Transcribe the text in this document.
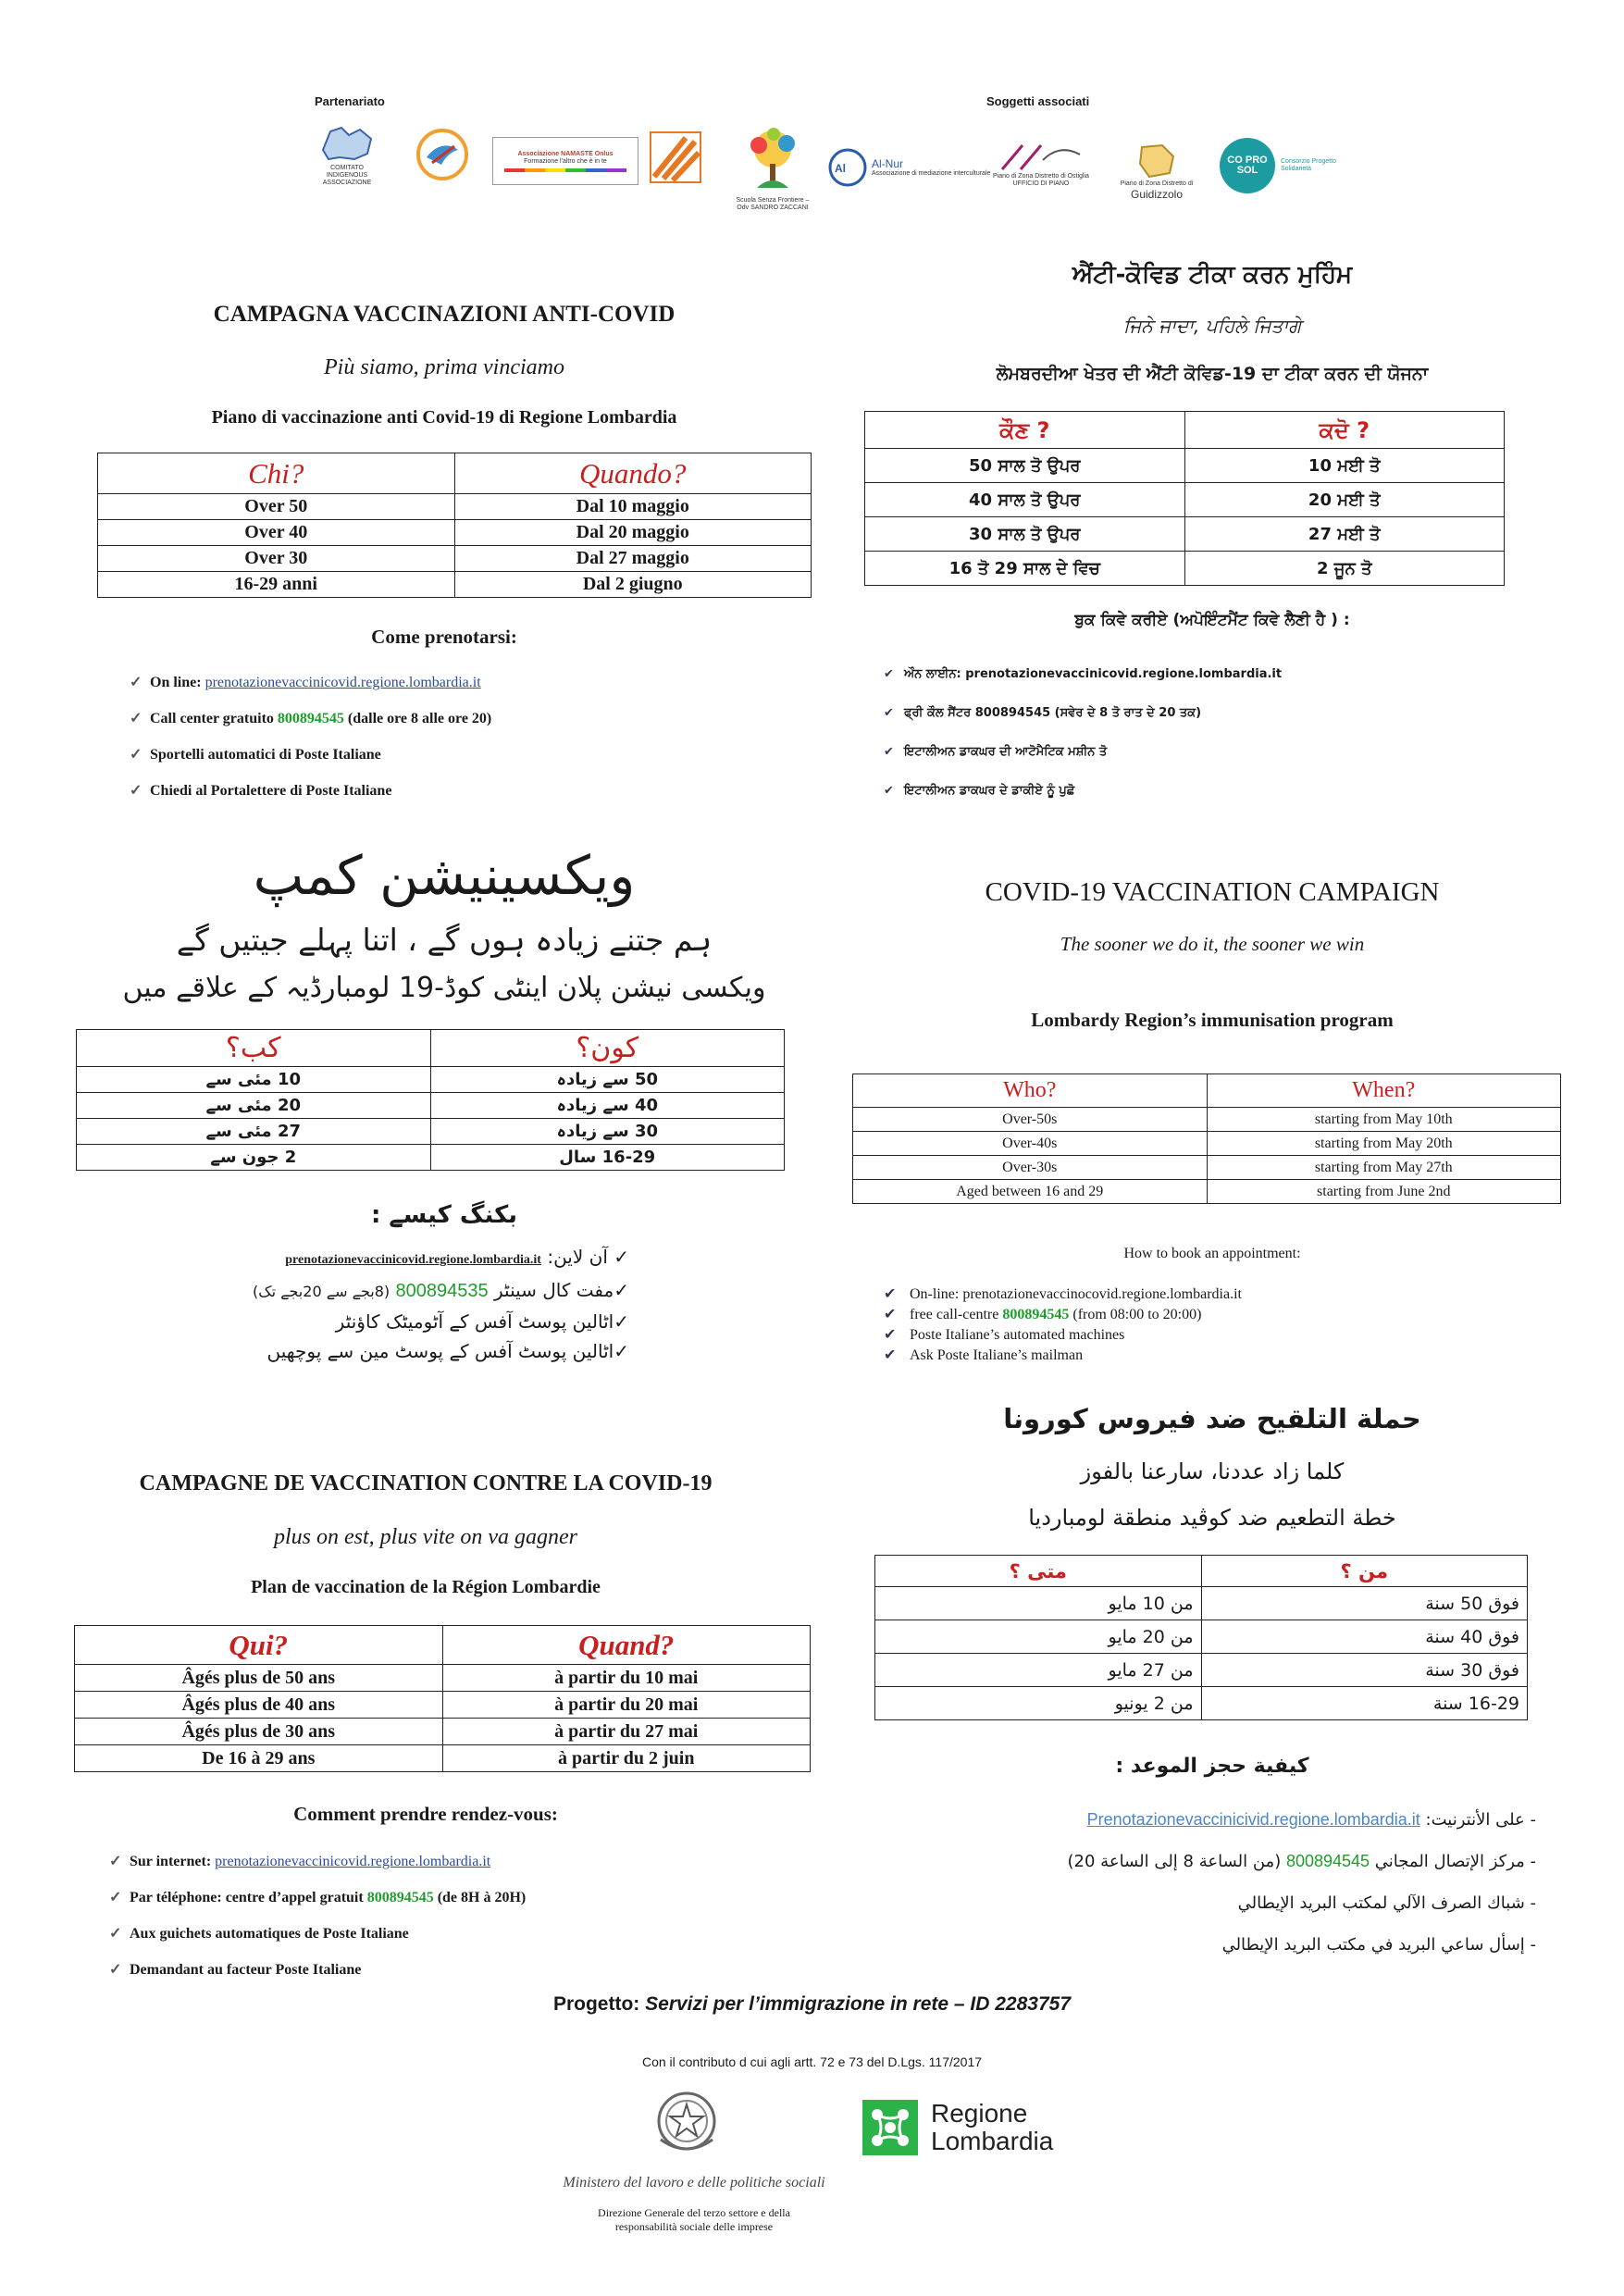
Partenariato	Soggetti associati
COMITATO INDIGENOUS ASSOCIAZIONE
Associazione NAMASTE Onlus
Formazione l'altro che è in te
Scuola Senza Frontiere – Odv SANDRO ZACCANI
Al Al-Nur
Associazione di mediazione interculturale Piano di Zona Distretto di Ostiglia UFFICIO DI PIANO	Piano di Zona Distretto di
Guidizzolo
CO PRO SOL
Consorzio Progetto Solidarietà
CAMPAGNA VACCINAZIONI ANTI-COVID
Più siamo, prima vinciamo
Piano di vaccinazione anti Covid-19 di Regione Lombardia
Chi?	Quando?
Over 50	Dal 10 maggio
Over 40	Dal 20 maggio
Over 30	Dal 27 maggio
16-29 anni	Dal 2 giugno
Come prenotarsi:
✓ On line: prenotazionevaccinicovid.regione.lombardia.it
✓ Call center gratuito 800894545 (dalle ore 8 alle ore 20)
✓ Sportelli automatici di Poste Italiane
✓ Chiedi al Portalettere di Poste Italiane
ਐਂਟੀ-ਕੋਵਿਡ ਟੀਕਾ ਕਰਨ ਮੁਹਿੰਮ
ਜਿਨੇ ਜਾਦਾ, ਪਹਿਲੇ ਜਿਤਾਗੇ
ਲੋਮਬਰਦੀਆ ਖੇਤਰ ਦੀ ਐਂਟੀ ਕੋਵਿਡ-19 ਦਾ ਟੀਕਾ ਕਰਨ ਦੀ ਯੋਜਨਾ
ਕੌਣ ?	ਕਦੋ ?
50 ਸਾਲ ਤੋ ਉਪਰ	10 ਮਈ ਤੋ
40 ਸਾਲ ਤੋ ਉਪਰ	20 ਮਈ ਤੋ
30 ਸਾਲ ਤੋ ਉਪਰ	27 ਮਈ ਤੋ
16 ਤੋ 29 ਸਾਲ ਦੇ ਵਿਚ	2 ਜੂਨ ਤੋ
ਬੁਕ ਕਿਵੇ ਕਰੀਏ (ਅਪੋਇੰਟਮੈਂਟ ਕਿਵੇ ਲੈਣੀ ਹੈ ) :
✔ ਔਨ ਲਾਈਨ: prenotazionevaccinicovid.regione.lombardia.it
✔ ਫ੍ਰੀ ਕੌਲ ਸੈਂਟਰ 800894545 (ਸਵੇਰ ਦੇ 8 ਤੋ ਰਾਤ ਦੇ 20 ਤਕ)
✔ ਇਟਾਲੀਅਨ ਡਾਕਘਰ ਦੀ ਆਟੋਮੈਟਿਕ ਮਸ਼ੀਨ ਤੋ
✔ ਇਟਾਲੀਅਨ ਡਾਕਘਰ ਦੇ ਡਾਕੀਏ ਨੂੰ ਪੁਛੋ
ویکسینیشن کمپ
ہم جتنے زیادہ ہوں گے ، اتنا پہلے جیتیں گے
ویکسی نیشن پلان اینٹی کوڈ-19 لومبارڈیہ کے علاقے میں
کون؟	کب؟
50 سے زیادہ	10 مئی سے
40 سے زیادہ	20 مئی سے
30 سے زیادہ	27 مئی سے
16-29 سال	2 جون سے
بکنگ کیسے :
✓ آن لاین: prenotazionevaccinicovid.regione.lombardia.it
✓مفت کال سینٹر 800894535 (8بجے سے 20بجے تک)
✓اٹالین پوسٹ آفس کے آٹومیٹک کاؤنٹر
✓اٹالین پوسٹ آفس کے پوسٹ مین سے پوچھیں
COVID-19 VACCINATION CAMPAIGN
The sooner we do it, the sooner we win
Lombardy Region’s immunisation program
Who?	When?
Over-50s	starting from May 10th
Over-40s	starting from May 20th
Over-30s	starting from May 27th
Aged between 16 and 29	starting from June 2nd
How to book an appointment:
✔ On-line: prenotazionevaccinocovid.regione.lombardia.it
✔ free call-centre 800894545 (from 08:00 to 20:00)
✔ Poste Italiane’s automated machines
✔ Ask Poste Italiane’s mailman
CAMPAGNE DE VACCINATION CONTRE LA COVID-19
plus on est, plus vite on va gagner
Plan de vaccination de la Région Lombardie
Qui?	Quand?
Âgés plus de 50 ans	à partir du 10 mai
Âgés plus de 40 ans	à partir du 20 mai
Âgés plus de 30 ans	à partir du 27 mai
De 16 à 29 ans	à partir du 2 juin
Comment prendre rendez-vous:
✓ Sur internet: prenotazionevaccinicovid.regione.lombardia.it
✓ Par téléphone: centre d’appel gratuit 800894545 (de 8H à 20H)
✓ Aux guichets automatiques de Poste Italiane
✓ Demandant au facteur Poste Italiane
حملة التلقيح ضد فيروس كورونا
كلما زاد عددنا، سارعنا بالفوز
خطة التطعيم ضد كوڤيد منطقة لومبارديا
من ؟	متى ؟
فوق 50 سنة	من 10 مايو
فوق 40 سنة	من 20 مايو
فوق 30 سنة	من 27 مايو
16-29 سنة	من 2 يونيو
كيفية حجز الموعد :
- على الأنترنيت: Prenotazionevaccinicivid.regione.lombardia.it
- مركز الإتصال المجاني 800894545 (من الساعة 8 إلى الساعة 20)
- شباك الصرف الآلي لمكتب البريد الإيطالي
- إسأل ساعي البريد في مكتب البريد الإيطالي
Progetto: Servizi per l’immigrazione in rete – ID 2283757
Con il contributo d cui agli artt. 72 e 73 del D.Lgs. 117/2017
Regione
Lombardia
Ministero del lavoro e delle politiche sociali
Direzione Generale del terzo settore e della
responsabilità sociale delle imprese
